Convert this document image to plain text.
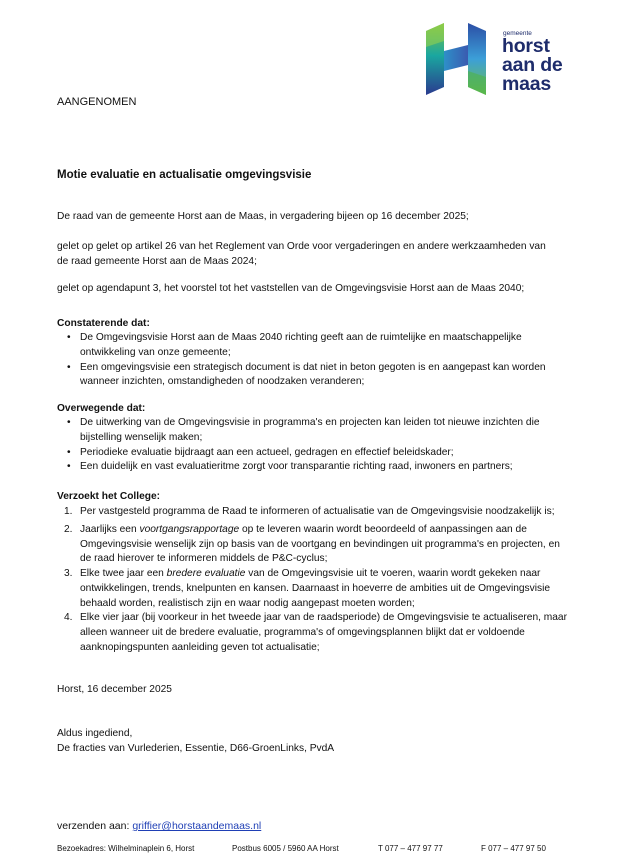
gemeente
horst
aan de
maas
AANGENOMEN
Motie evaluatie en actualisatie omgevingsvisie
De raad van de gemeente Horst aan de Maas, in vergadering bijeen op 16 december 2025;
gelet op gelet op artikel 26 van het Reglement van Orde voor vergaderingen en andere werkzaamheden van de raad gemeente Horst aan de Maas 2024;
gelet op agendapunt 3, het voorstel tot het vaststellen van de Omgevingsvisie Horst aan de Maas 2040;
Constaterende dat:
• De Omgevingsvisie Horst aan de Maas 2040 richting geeft aan de ruimtelijke en maatschappelijke ontwikkeling van onze gemeente;
• Een omgevingsvisie een strategisch document is dat niet in beton gegoten is en aangepast kan worden wanneer inzichten, omstandigheden of noodzaken veranderen;
Overwegende dat:
• De uitwerking van de Omgevingsvisie in programma's en projecten kan leiden tot nieuwe inzichten die bijstelling wenselijk maken;
• Periodieke evaluatie bijdraagt aan een actueel, gedragen en effectief beleidskader;
• Een duidelijk en vast evaluatieritme zorgt voor transparantie richting raad, inwoners en partners;
Verzoekt het College:
1. Per vastgesteld programma de Raad te informeren of actualisatie van de Omgevingsvisie noodzakelijk is;
2. Jaarlijks een voortgangsrapportage op te leveren waarin wordt beoordeeld of aanpassingen aan de Omgevingsvisie wenselijk zijn op basis van de voortgang en bevindingen uit programma's en projecten, en de raad hierover te informeren middels de P&C-cyclus;
3. Elke twee jaar een bredere evaluatie van de Omgevingsvisie uit te voeren, waarin wordt gekeken naar ontwikkelingen, trends, knelpunten en kansen. Daarnaast in hoeverre de ambities uit de Omgevingsvisie behaald worden, realistisch zijn en waar nodig aangepast moeten worden;
4. Elke vier jaar (bij voorkeur in het tweede jaar van de raadsperiode) de Omgevingsvisie te actualiseren, maar alleen wanneer uit de bredere evaluatie, programma's of omgevingsplannen blijkt dat er voldoende aanknopingspunten aanleiding geven tot actualisatie;
Horst, 16 december 2025
Aldus ingediend,
De fracties van Vurlederien, Essentie, D66-GroenLinks, PvdA
verzenden aan: griffier@horstaandemaas.nl
Bezoekadres: Wilhelminaplein 6, Horst	Postbus 6005 / 5960 AA Horst	T 077 – 477 97 77	F 077 – 477 97 50
